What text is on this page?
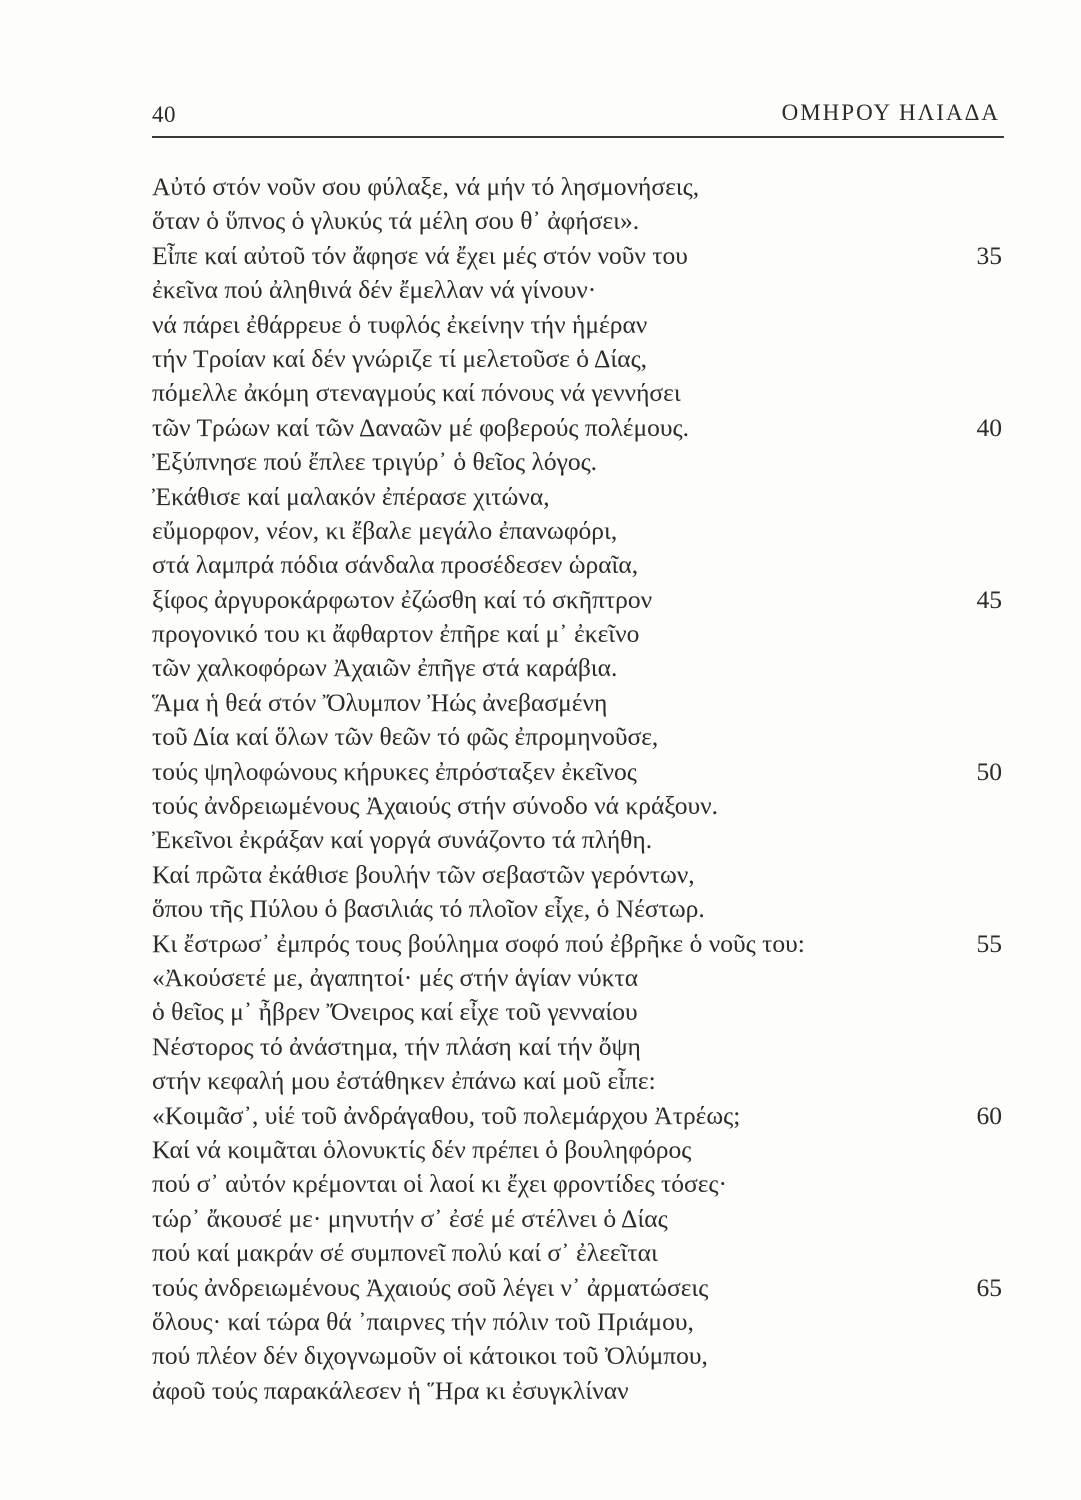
40	ΟΜΗΡΟΥ ΗΛΙΑΔΑ
Αὐτό στόν νοῦν σου φύλαξε, νά μήν τό λησμονήσεις,
ὅταν ὁ ὕπνος ὁ γλυκύς τά μέλη σου θ᾽ ἀφήσει».
Εἶπε καί αὐτοῦ τόν ἄφησε νά ἔχει μές στόν νοῦν του	35
ἐκεῖνα πού ἀληθινά δέν ἔμελλαν νά γίνουν·
νά πάρει ἐθάρρευε ὁ τυφλός ἐκείνην τήν ἡμέραν
τήν Τροίαν καί δέν γνώριζε τί μελετοῦσε ὁ Δίας,
πόμελλε ἀκόμη στεναγμούς καί πόνους νά γεννήσει
τῶν Τρώων καί τῶν Δαναῶν μέ φοβερούς πολέμους.	40
Ἐξύπνησε πού ἔπλεε τριγύρ᾽ ὁ θεῖος λόγος.
Ἐκάθισε καί μαλακόν ἐπέρασε χιτώνα,
εὔμορφον, νέον, κι ἔβαλε μεγάλο ἐπανωφόρι,
στά λαμπρά πόδια σάνδαλα προσέδεσεν ὡραῖα,
ξίφος ἀργυροκάρφωτον ἐζώσθη καί τό σκῆπτρον	45
προγονικό του κι ἄφθαρτον ἐπῆρε καί μ᾽ ἐκεῖνο
τῶν χαλκοφόρων Ἀχαιῶν ἐπῆγε στά καράβια.
Ἅμα ἡ θεά στόν Ὄλυμπον Ἠώς ἀνεβασμένη
τοῦ Δία καί ὅλων τῶν θεῶν τό φῶς ἐπρομηνοῦσε,
τούς ψηλοφώνους κήρυκες ἐπρόσταξεν ἐκεῖνος	50
τούς ἀνδρειωμένους Ἀχαιούς στήν σύνοδο νά κράξουν.
Ἐκεῖνοι ἐκράξαν καί γοργά συνάζοντο τά πλήθη.
Καί πρῶτα ἐκάθισε βουλήν τῶν σεβαστῶν γερόντων,
ὅπου τῆς Πύλου ὁ βασιλιάς τό πλοῖον εἶχε, ὁ Νέστωρ.
Κι ἔστρωσ᾽ ἐμπρός τους βούλημα σοφό πού ἐβρῆκε ὁ νοῦς του:	55
«Ἀκούσετέ με, ἀγαπητοί· μές στήν ἁγίαν νύκτα
ὁ θεῖος μ᾽ ἦβρεν Ὄνειρος καί εἶχε τοῦ γενναίου
Νέστορος τό ἀνάστημα, τήν πλάση καί τήν ὄψη
στήν κεφαλή μου ἐστάθηκεν ἐπάνω καί μοῦ εἶπε:
«Κοιμᾶσ᾽, υἱέ τοῦ ἀνδράγαθου, τοῦ πολεμάρχου Ἀτρέως;	60
Καί νά κοιμᾶται ὁλονυκτίς δέν πρέπει ὁ βουληφόρος
πού σ᾽ αὐτόν κρέμονται οἱ λαοί κι ἔχει φροντίδες τόσες·
τώρ᾽ ἄκουσέ με· μηνυτήν σ᾽ ἐσέ μέ στέλνει ὁ Δίας
πού καί μακράν σέ συμπονεῖ πολύ καί σ᾽ ἐλεεῖται
τούς ἀνδρειωμένους Ἀχαιούς σοῦ λέγει ν᾽ ἀρματώσεις	65
ὅλους· καί τώρα θά ᾽παιρνες τήν πόλιν τοῦ Πριάμου,
πού πλέον δέν διχογνωμοῦν οἱ κάτοικοι τοῦ Ὀλύμπου,
ἀφοῦ τούς παρακάλεσεν ἡ Ἥρα κι ἐσυγκλίναν
